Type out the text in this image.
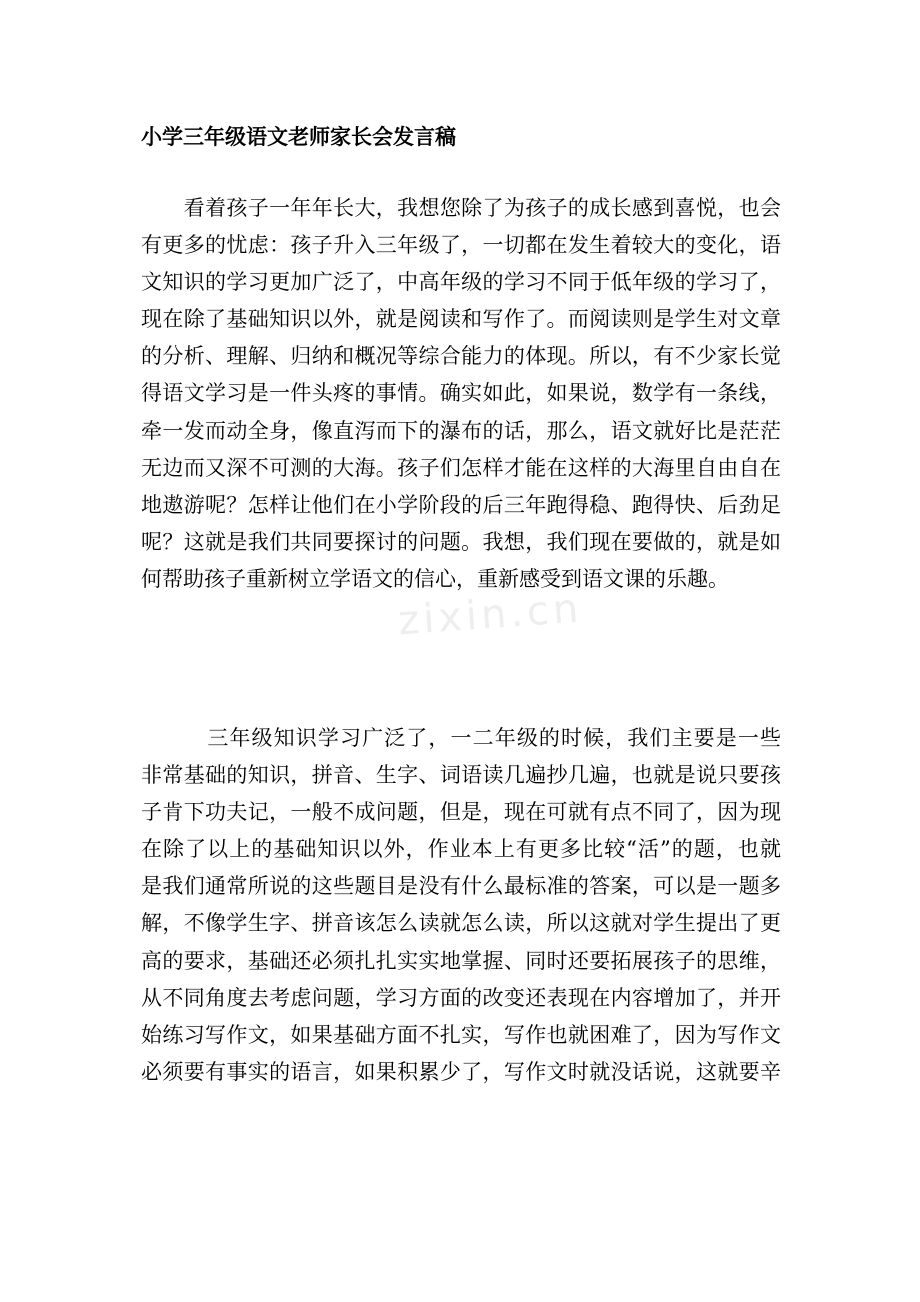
zixin.cn
小学三年级语文老师家长会发言稿
　　看着孩子一年年长大，我想您除了为孩子的成长感到喜悦，也会
有更多的忧虑：孩子升入三年级了，一切都在发生着较大的变化，语
文知识的学习更加广泛了，中高年级的学习不同于低年级的学习了，
现在除了基础知识以外，就是阅读和写作了。而阅读则是学生对文章
的分析、理解、归纳和概况等综合能力的体现。所以，有不少家长觉
得语文学习是一件头疼的事情。确实如此，如果说，数学有一条线，
牵一发而动全身，像直泻而下的瀑布的话，那么，语文就好比是茫茫
无边而又深不可测的大海。孩子们怎样才能在这样的大海里自由自在
地遨游呢？怎样让他们在小学阶段的后三年跑得稳、跑得快、后劲足
呢？这就是我们共同要探讨的问题。我想，我们现在要做的，就是如
何帮助孩子重新树立学语文的信心，重新感受到语文课的乐趣。
　　　三年级知识学习广泛了，一二年级的时候，我们主要是一些
非常基础的知识，拼音、生字、词语读几遍抄几遍，也就是说只要孩
子肯下功夫记，一般不成问题，但是，现在可就有点不同了，因为现
在除了以上的基础知识以外，作业本上有更多比较“活”的题，也就
是我们通常所说的这些题目是没有什么最标准的答案，可以是一题多
解，不像学生字、拼音该怎么读就怎么读，所以这就对学生提出了更
高的要求，基础还必须扎扎实实地掌握、同时还要拓展孩子的思维，
从不同角度去考虑问题，学习方面的改变还表现在内容增加了，并开
始练习写作文，如果基础方面不扎实，写作也就困难了，因为写作文
必须要有事实的语言，如果积累少了，写作文时就没话说，这就要辛
